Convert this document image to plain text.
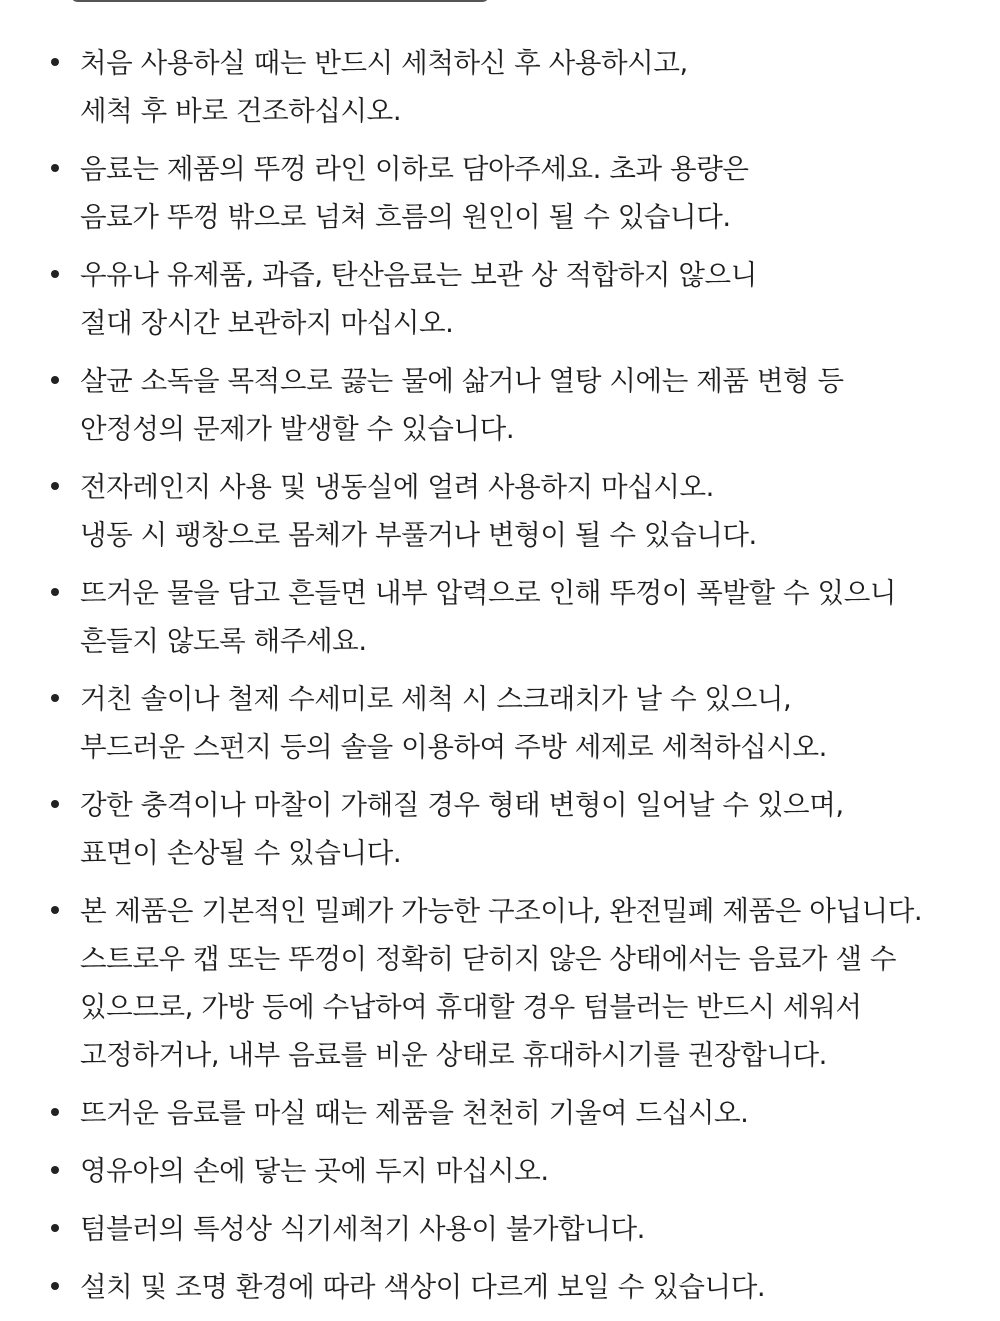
처음 사용하실 때는 반드시 세척하신 후 사용하시고,
세척 후 바로 건조하십시오.
음료는 제품의 뚜껑 라인 이하로 담아주세요. 초과 용량은
음료가 뚜껑 밖으로 넘쳐 흐름의 원인이 될 수 있습니다.
우유나 유제품, 과즙, 탄산음료는 보관 상 적합하지 않으니
절대 장시간 보관하지 마십시오.
살균 소독을 목적으로 끓는 물에 삶거나 열탕 시에는 제품 변형 등
안정성의 문제가 발생할 수 있습니다.
전자레인지 사용 및 냉동실에 얼려 사용하지 마십시오.
냉동 시 팽창으로 몸체가 부풀거나 변형이 될 수 있습니다.
뜨거운 물을 담고 흔들면 내부 압력으로 인해 뚜껑이 폭발할 수 있으니
흔들지 않도록 해주세요.
거친 솔이나 철제 수세미로 세척 시 스크래치가 날 수 있으니,
부드러운 스펀지 등의 솔을 이용하여 주방 세제로 세척하십시오.
강한 충격이나 마찰이 가해질 경우 형태 변형이 일어날 수 있으며,
표면이 손상될 수 있습니다.
본 제품은 기본적인 밀폐가 가능한 구조이나, 완전밀폐 제품은 아닙니다.
스트로우 캡 또는 뚜껑이 정확히 닫히지 않은 상태에서는 음료가 샐 수
있으므로, 가방 등에 수납하여 휴대할 경우 텀블러는 반드시 세워서
고정하거나, 내부 음료를 비운 상태로 휴대하시기를 권장합니다.
뜨거운 음료를 마실 때는 제품을 천천히 기울여 드십시오.
영유아의 손에 닿는 곳에 두지 마십시오.
텀블러의 특성상 식기세척기 사용이 불가합니다.
설치 및 조명 환경에 따라 색상이 다르게 보일 수 있습니다.
